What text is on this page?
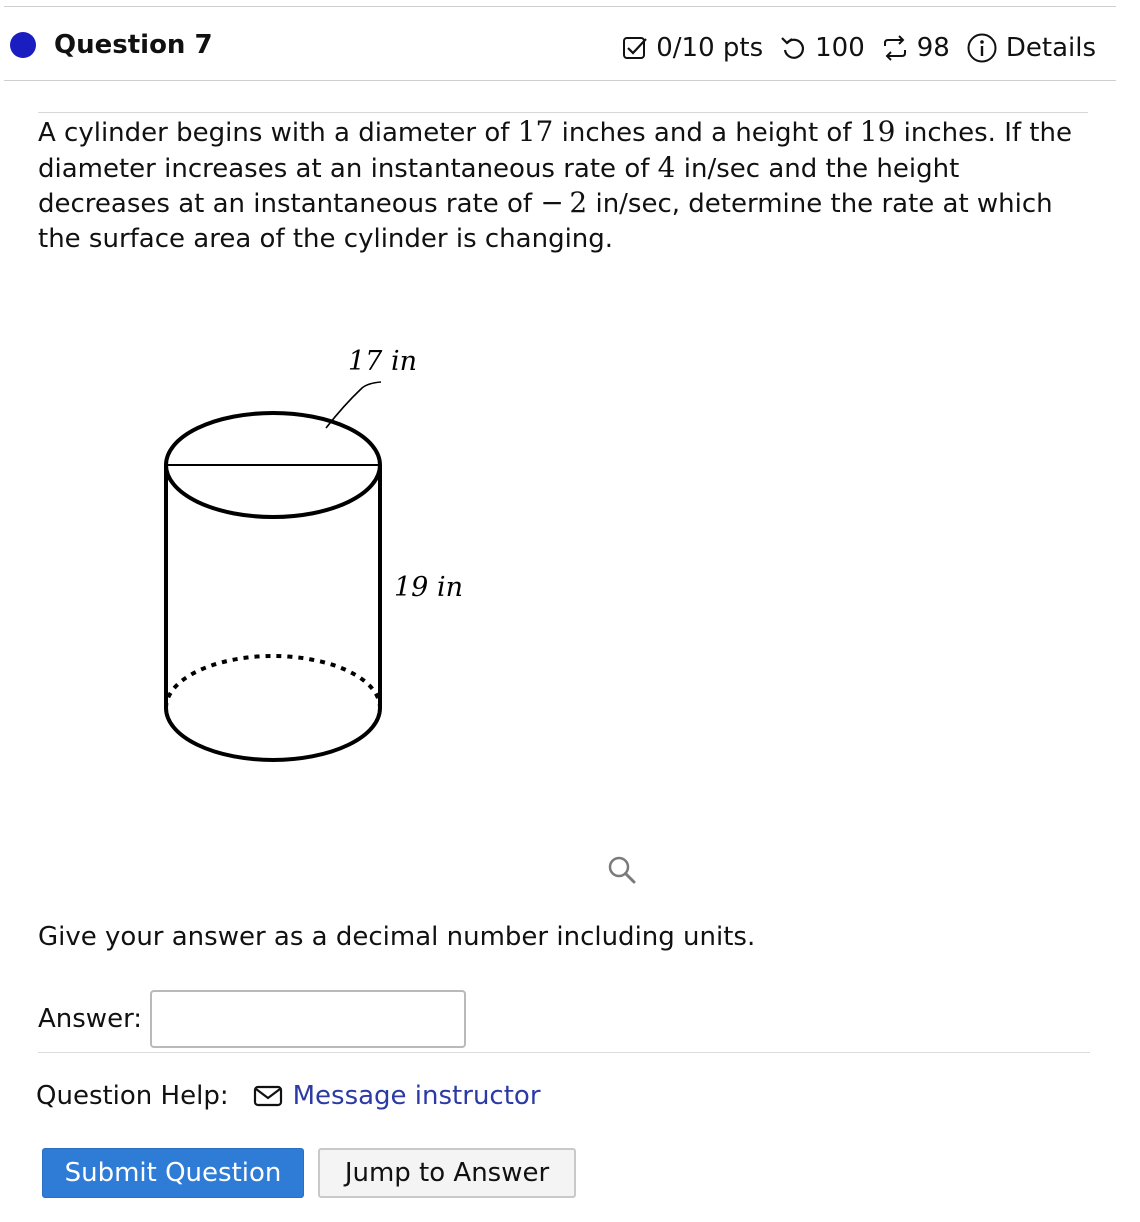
Question 7	0/10 pts 100 98 Details
A cylinder begins with a diameter of 17 inches and a height of 19 inches. If the diameter increases at an instantaneous rate of 4 in/sec and the height decreases at an instantaneous rate of − 2 in/sec, determine the rate at which the surface area of the cylinder is changing.
17 in
19 in
Give your answer as a decimal number including units.
Answer:
Question Help: Message instructor
Submit Question	Jump to Answer
